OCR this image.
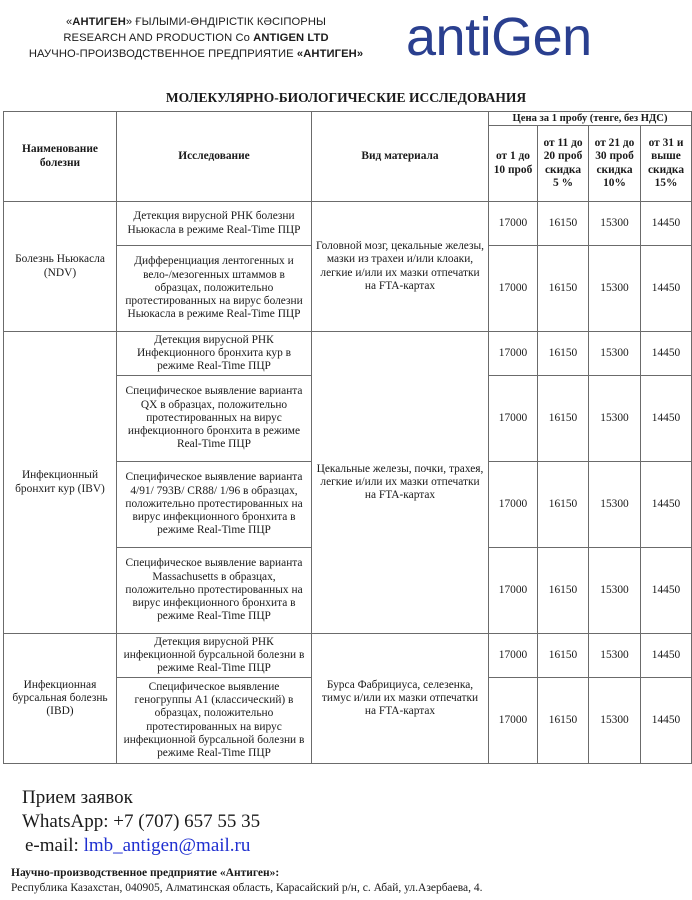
«АНТИГЕН» ҒЫЛЫМИ-ӨНДІРІСТІК КӘСІПОРНЫ
RESEARCH AND PRODUCTION Co ANTIGEN LTD
НАУЧНО-ПРОИЗВОДСТВЕННОЕ ПРЕДПРИЯТИЕ «АНТИГЕН» antiGen
МОЛЕКУЛЯРНО-БИОЛОГИЧЕСКИЕ ИССЛЕДОВАНИЯ
Наименование болезни	Исследование	Вид материала	Цена за 1 пробу (тенге, без НДС)			
			от 1 до 10 проб	от 11 до 20 проб скидка 5 %	от 21 до 30 проб скидка 10%	от 31 и выше скидка 15%
Болезнь Ньюкасла (NDV)	Детекция вирусной РНК болезни Ньюкасла в режиме Real-Time ПЦР	Головной мозг, цекальные железы, мазки из трахеи и/или клоаки, легкие и/или их мазки отпечатки на FTA-картах	17000	16150	15300	14450
	Дифференциация лентогенных и вело-/мезогенных штаммов в образцах, положительно протестированных на вирус болезни Ньюкасла в режиме Real-Time ПЦР		17000	16150	15300	14450
Инфекционный бронхит кур (IBV)	Детекция вирусной РНК Инфекционного бронхита кур в режиме Real-Time ПЦР	Цекальные железы, почки, трахея, легкие и/или их мазки отпечатки на FTA-картах	17000	16150	15300	14450
	Специфическое выявление варианта QX в образцах, положительно протестированных на вирус инфекционного бронхита в режиме Real-Time ПЦР		17000	16150	15300	14450
	Специфическое выявление варианта 4/91/ 793B/ CR88/ 1/96 в образцах, положительно протестированных на вирус инфекционного бронхита в режиме Real-Time ПЦР		17000	16150	15300	14450
	Специфическое выявление варианта Massachusetts в образцах, положительно протестированных на вирус инфекционного бронхита в режиме Real-Time ПЦР		17000	16150	15300	14450
Инфекционная бурсальная болезнь (IBD)	Детекция вирусной РНК инфекционной бурсальной болезни в режиме Real-Time ПЦР	Бурса Фабрициуса, селезенка, тимус и/или их мазки отпечатки на FTA-картах	17000	16150	15300	14450
	Специфическое выявление геногруппы A1 (классический) в образцах, положительно протестированных на вирус инфекционной бурсальной болезни в режиме Real-Time ПЦР		17000	16150	15300	14450
Прием заявок
WhatsApp: +7 (707) 657 55 35
e-mail: lmb_antigen@mail.ru
Научно-производственное предприятие «Антиген»:
Республика Казахстан, 040905, Алматинская область, Карасайский р/н, с. Абай, ул.Азербаева, 4.
